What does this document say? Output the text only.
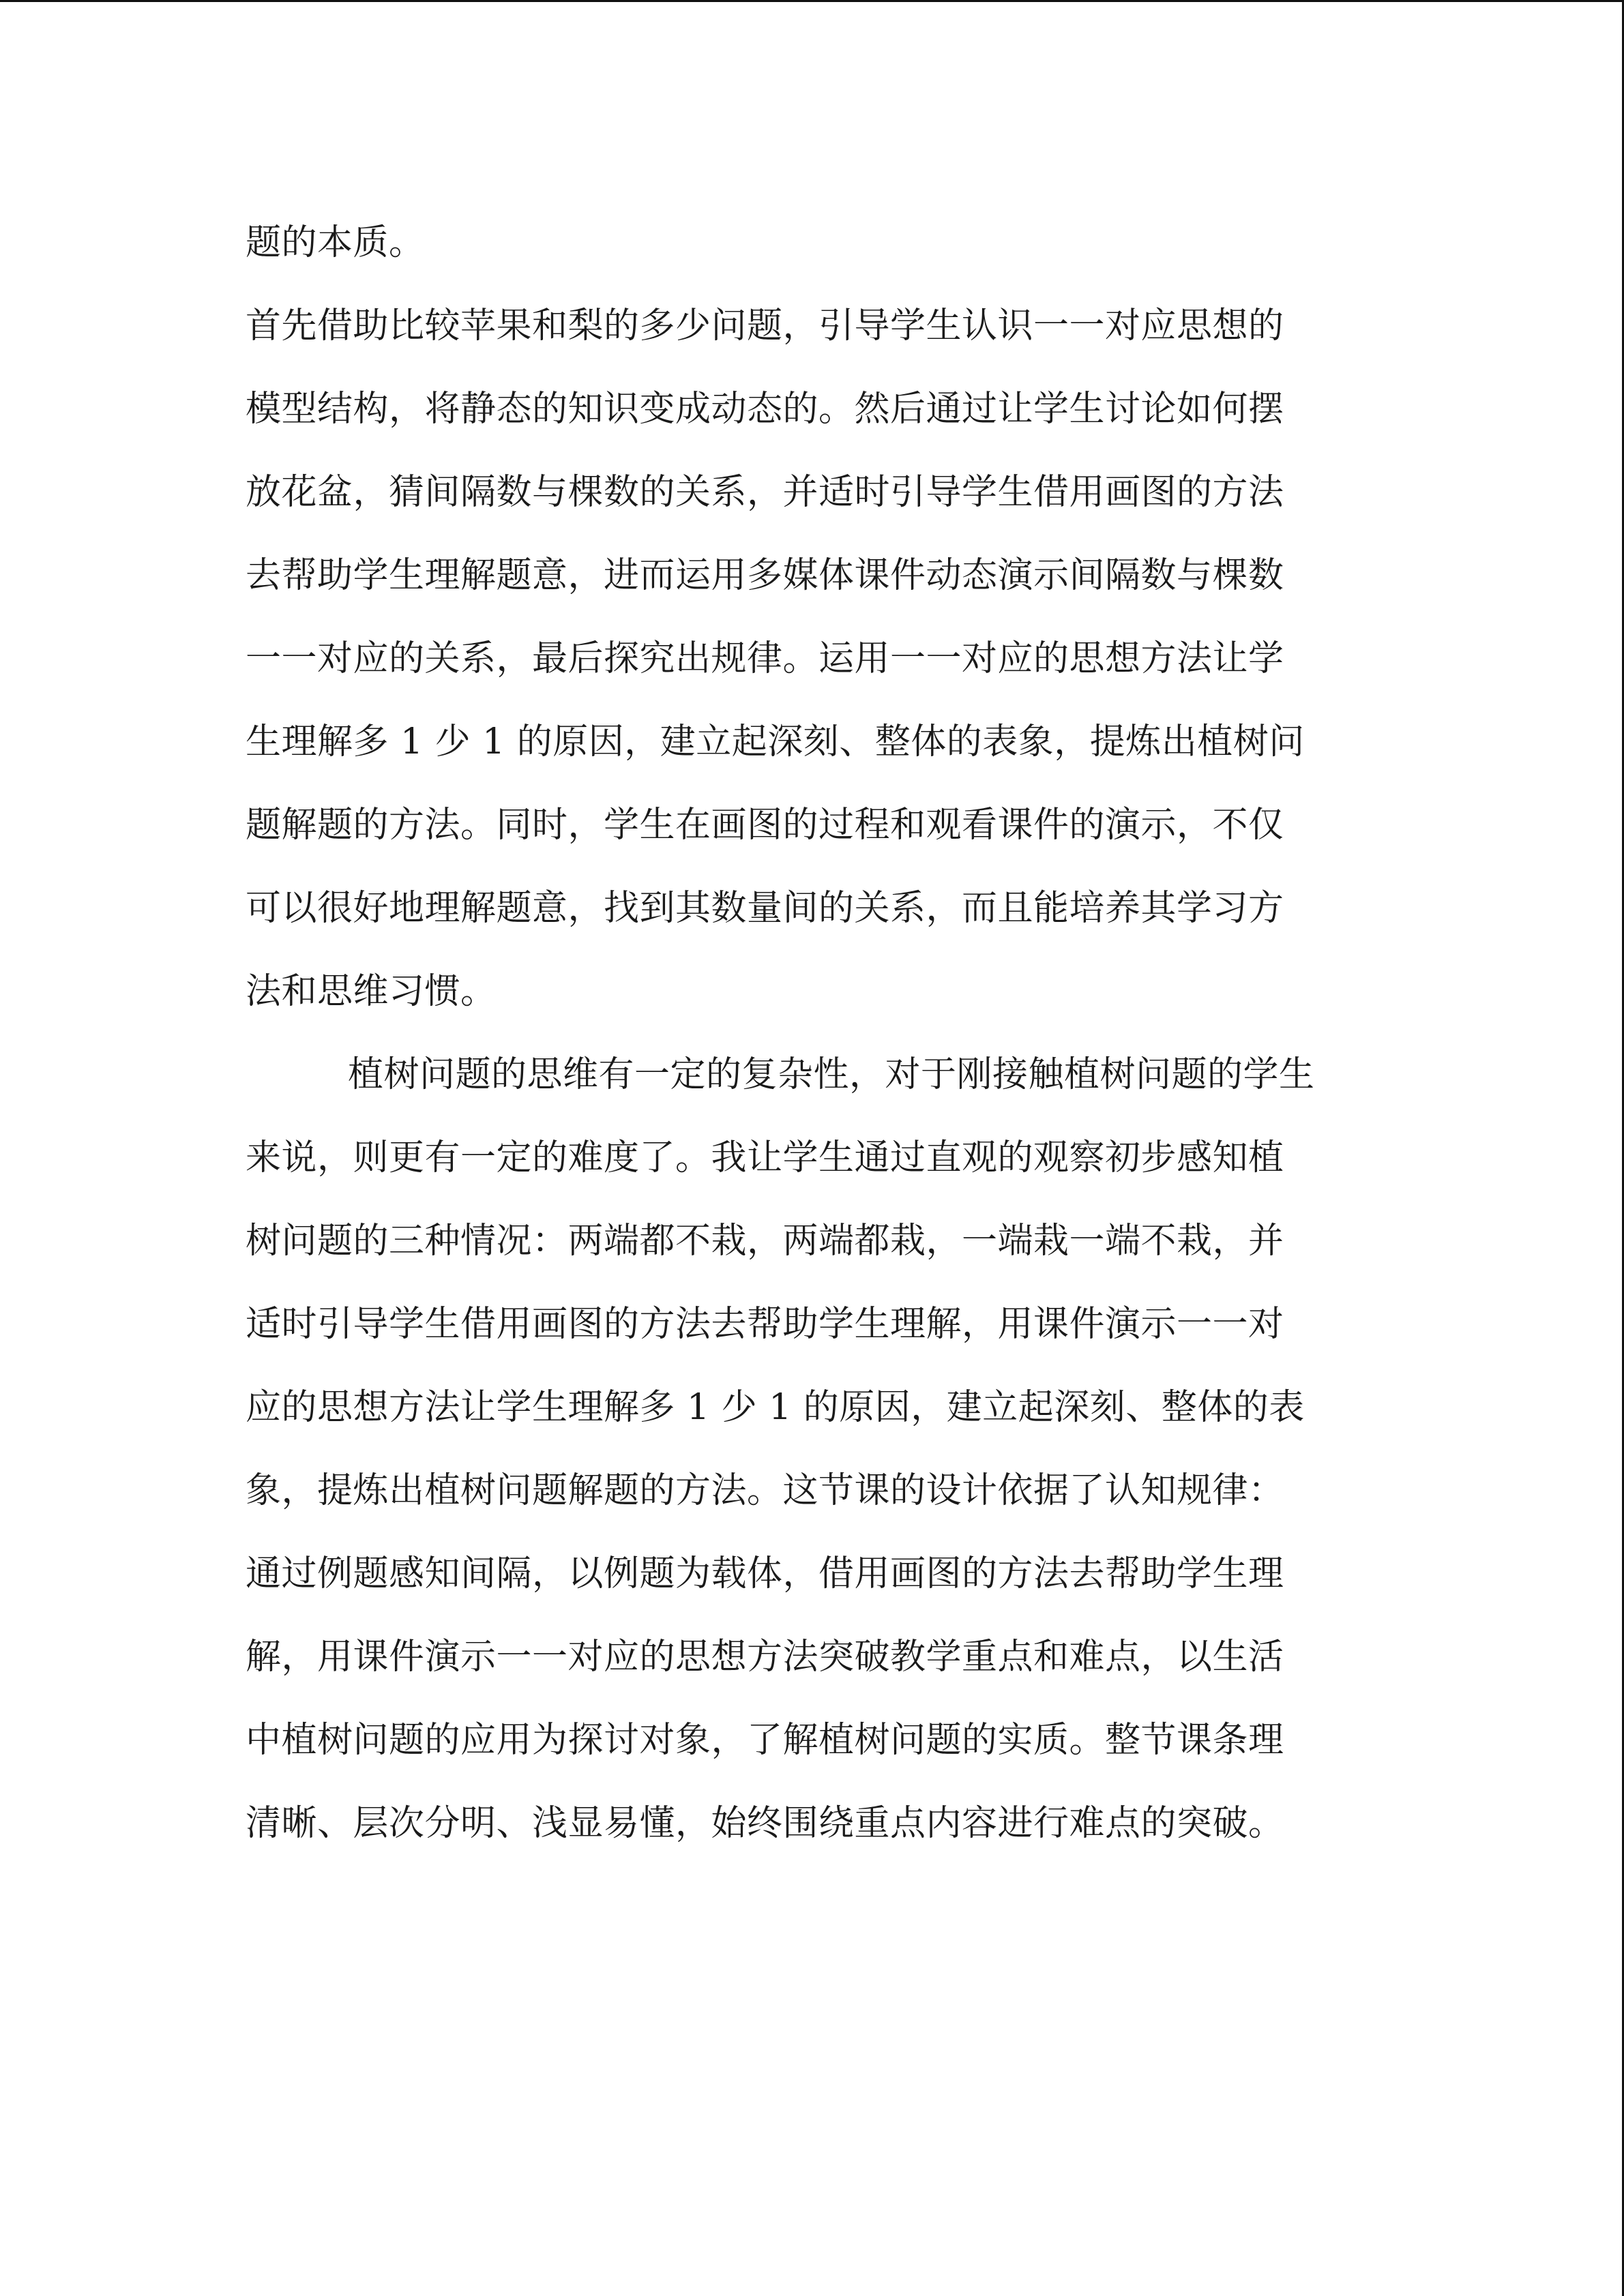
题的本质。
首先借助比较苹果和梨的多少问题，引导学生认识一一对应思想的
模型结构，将静态的知识变成动态的。然后通过让学生讨论如何摆
放花盆，猜间隔数与棵数的关系，并适时引导学生借用画图的方法
去帮助学生理解题意，进而运用多媒体课件动态演示间隔数与棵数
一一对应的关系，最后探究出规律。运用一一对应的思想方法让学
生理解多 1 少 1 的原因，建立起深刻、整体的表象，提炼出植树问
题解题的方法。同时，学生在画图的过程和观看课件的演示，不仅
可以很好地理解题意，找到其数量间的关系，而且能培养其学习方
法和思维习惯。
植树问题的思维有一定的复杂性，对于刚接触植树问题的学生
来说，则更有一定的难度了。我让学生通过直观的观察初步感知植
树问题的三种情况：两端都不栽，两端都栽，一端栽一端不栽，并
适时引导学生借用画图的方法去帮助学生理解，用课件演示一一对
应的思想方法让学生理解多 1 少 1 的原因，建立起深刻、整体的表
象，提炼出植树问题解题的方法。这节课的设计依据了认知规律：
通过例题感知间隔，以例题为载体，借用画图的方法去帮助学生理
解，用课件演示一一对应的思想方法突破教学重点和难点，以生活
中植树问题的应用为探讨对象，了解植树问题的实质。整节课条理
清晰、层次分明、浅显易懂，始终围绕重点内容进行难点的突破。
